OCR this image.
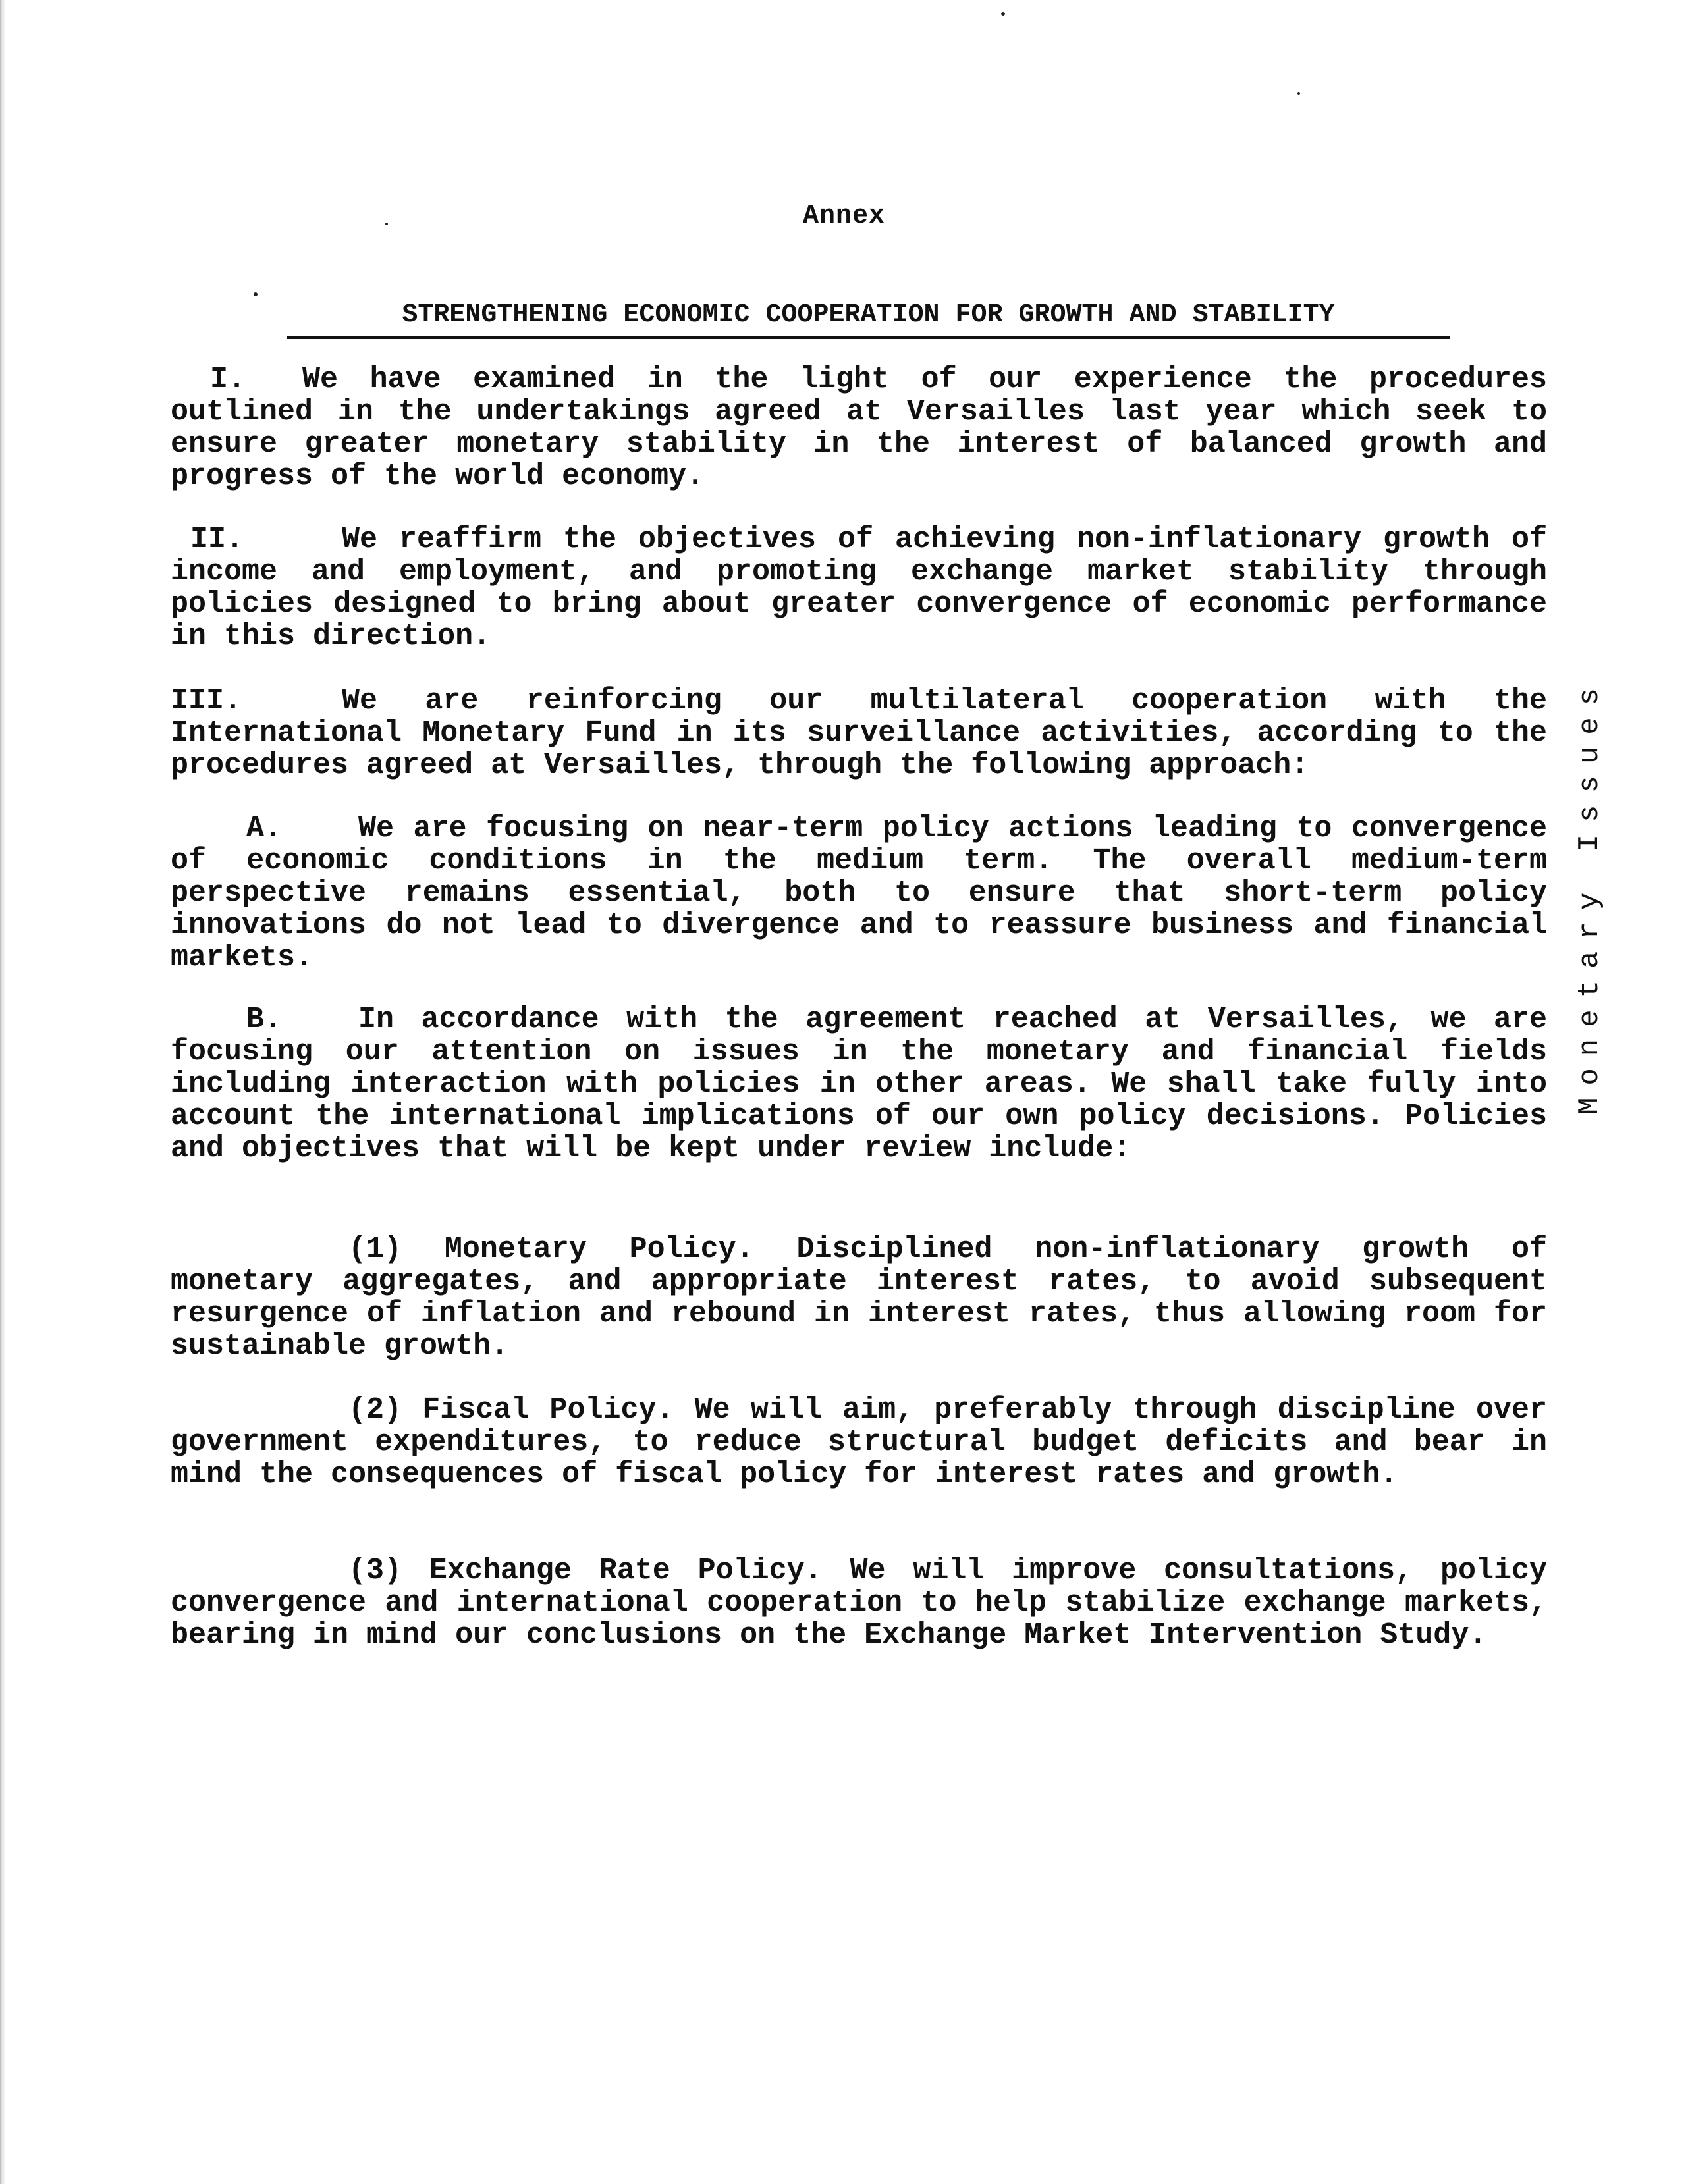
Annex
STRENGTHENING ECONOMIC COOPERATION FOR GROWTH AND STABILITY
I. We have examined in the light of our experience the procedures outlined in the undertakings agreed at Versailles last year which seek to ensure greater monetary stability in the interest of balanced growth and progress of the world economy.
II.	We reaffirm the objectives of achieving non-inflationary growth of income and employment, and promoting exchange market stability through policies designed to bring about greater convergence of economic performance in this direction.
III.	We are reinforcing our multilateral cooperation with the International Monetary Fund in its surveillance activities, according to the procedures agreed at Versailles, through the following approach:
A.	We are focusing on near-term policy actions leading to convergence of economic conditions in the medium term. The overall medium-term perspective remains essential, both to ensure that short-term policy innovations do not lead to divergence and to reassure business and financial markets.
B.	In accordance with the agreement reached at Versailles, we are focusing our attention on issues in the monetary and financial fields including interaction with policies in other areas. We shall take fully into account the international implications of our own policy decisions. Policies and objectives that will be kept under review include:
(1) Monetary Policy. Disciplined non-inflationary growth of monetary aggregates, and appropriate interest rates, to avoid subsequent resurgence of inflation and rebound in interest rates, thus allowing room for sustainable growth.
(2) Fiscal Policy. We will aim, preferably through discipline over government expenditures, to reduce structural budget deficits and bear in mind the consequences of fiscal policy for interest rates and growth.
(3) Exchange Rate Policy. We will improve consultations, policy convergence and international cooperation to help stabilize exchange markets, bearing in mind our conclusions on the Exchange Market Intervention Study.
Monetary Issues
